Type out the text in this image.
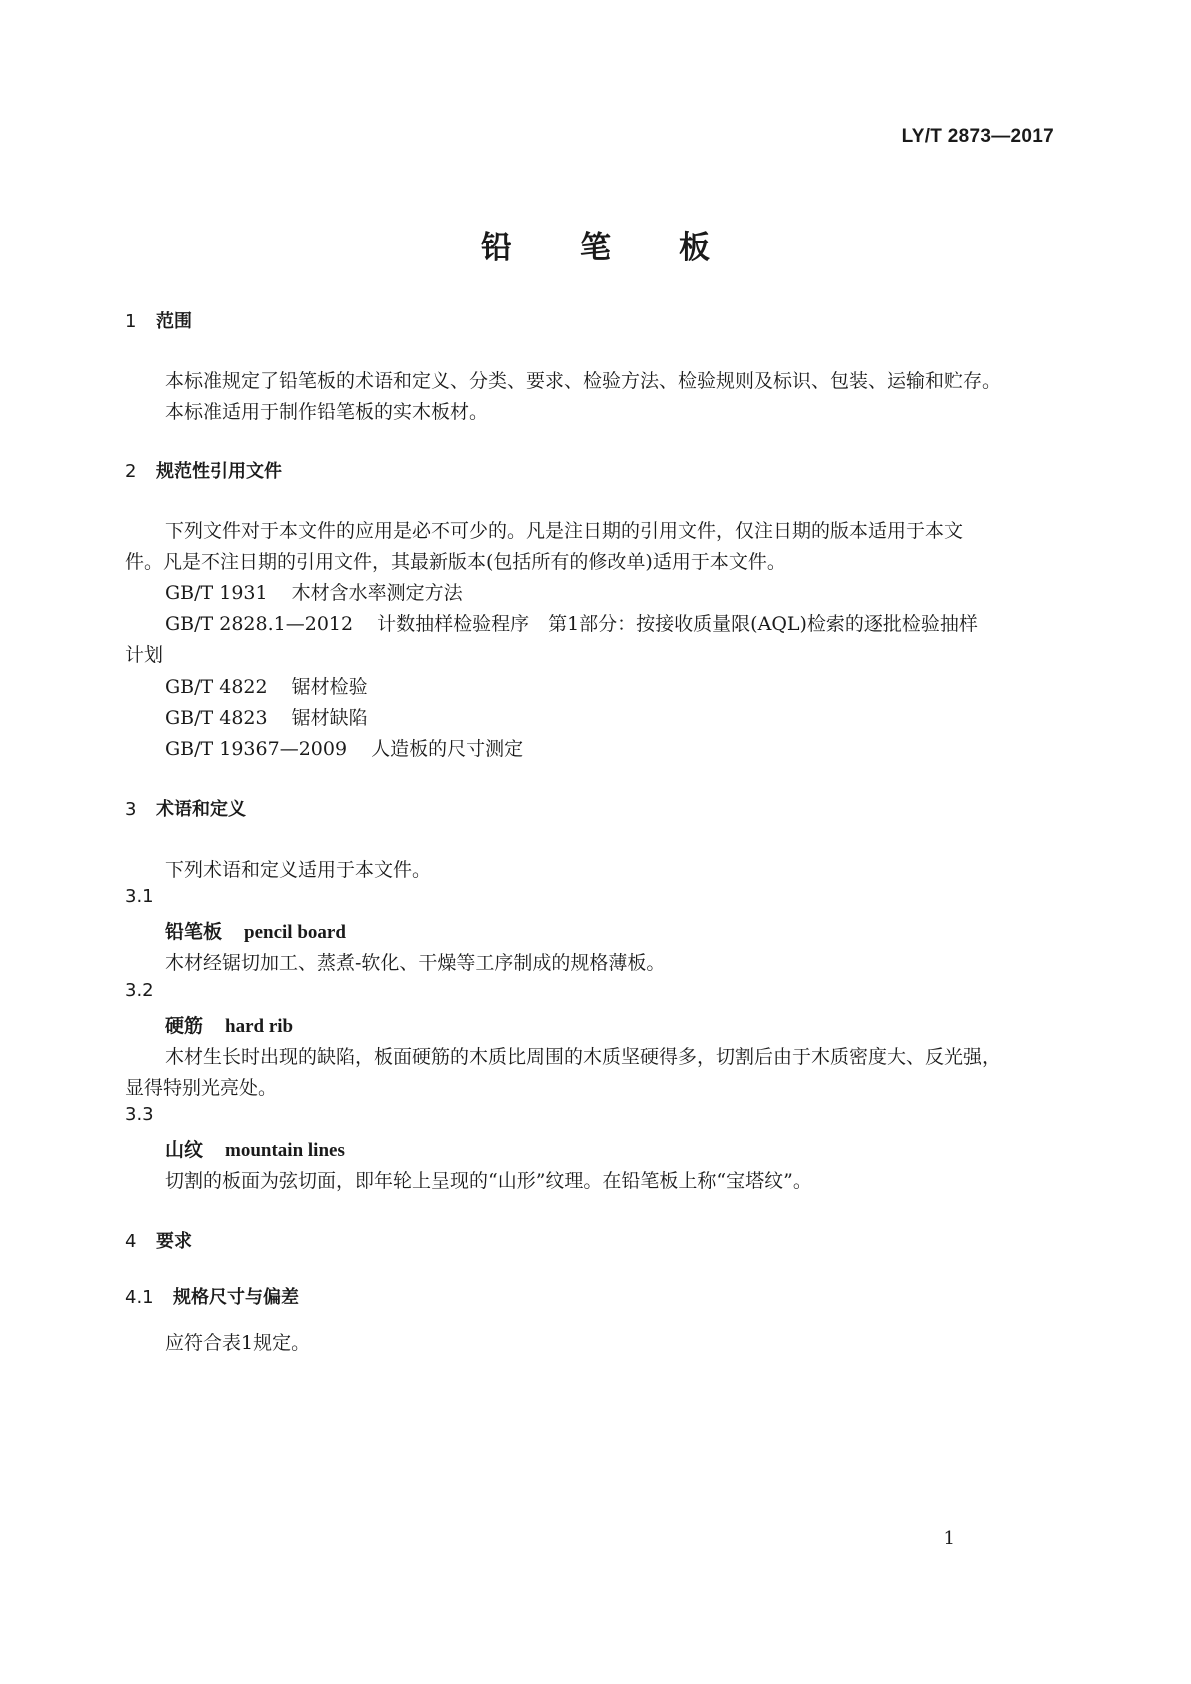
LY/T 2873—2017
铅笔板
1 范围
本标准规定了铅笔板的术语和定义、分类、要求、检验方法、检验规则及标识、包装、运输和贮存。
本标准适用于制作铅笔板的实木板材。
2 规范性引用文件
下列文件对于本文件的应用是必不可少的。凡是注日期的引用文件，仅注日期的版本适用于本文
件。凡是不注日期的引用文件，其最新版本(包括所有的修改单)适用于本文件。
GB/T 1931 木材含水率测定方法
GB/T 2828.1—2012 计数抽样检验程序　第1部分：按接收质量限(AQL)检索的逐批检验抽样
计划
GB/T 4822 锯材检验
GB/T 4823 锯材缺陷
GB/T 19367—2009 人造板的尺寸测定
3 术语和定义
下列术语和定义适用于本文件。
3.1
铅笔板 pencil board
木材经锯切加工、蒸煮-软化、干燥等工序制成的规格薄板。
3.2
硬筋 hard rib
木材生长时出现的缺陷，板面硬筋的木质比周围的木质坚硬得多，切割后由于木质密度大、反光强，
显得特别光亮处。
3.3
山纹 mountain lines
切割的板面为弦切面，即年轮上呈现的“山形”纹理。在铅笔板上称“宝塔纹”。
4 要求
4.1 规格尺寸与偏差
应符合表1规定。
1
